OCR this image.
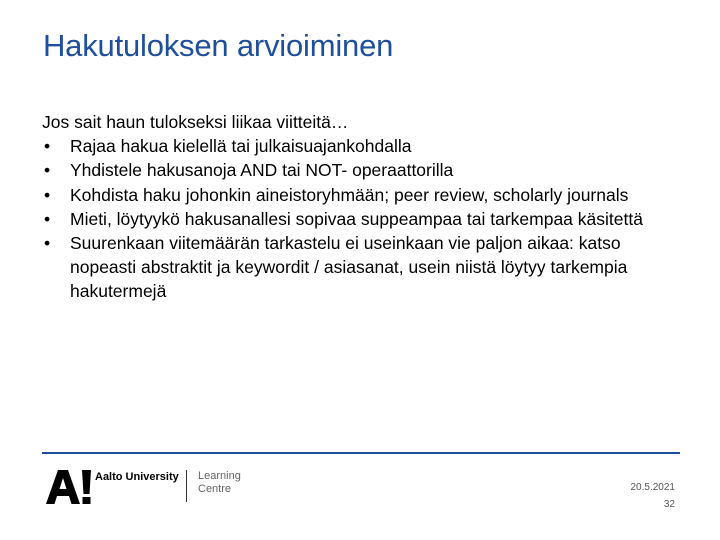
Hakutuloksen arvioiminen
Jos sait haun tulokseksi liikaa viitteitä…
• Rajaa hakua kielellä tai julkaisuajankohdalla
• Yhdistele hakusanoja AND tai NOT- operaattorilla
• Kohdista haku johonkin aineistoryhmään; peer review, scholarly journals
• Mieti, löytyykö hakusanallesi sopivaa suppeampaa tai tarkempaa käsitettä
• Suurenkaan viitemäärän tarkastelu ei useinkaan vie paljon aikaa: katso nopeasti abstraktit ja keywordit / asiasanat, usein niistä löytyy tarkempia hakutermejä
Aalto University Learning
Centre	20.5.2021
32
